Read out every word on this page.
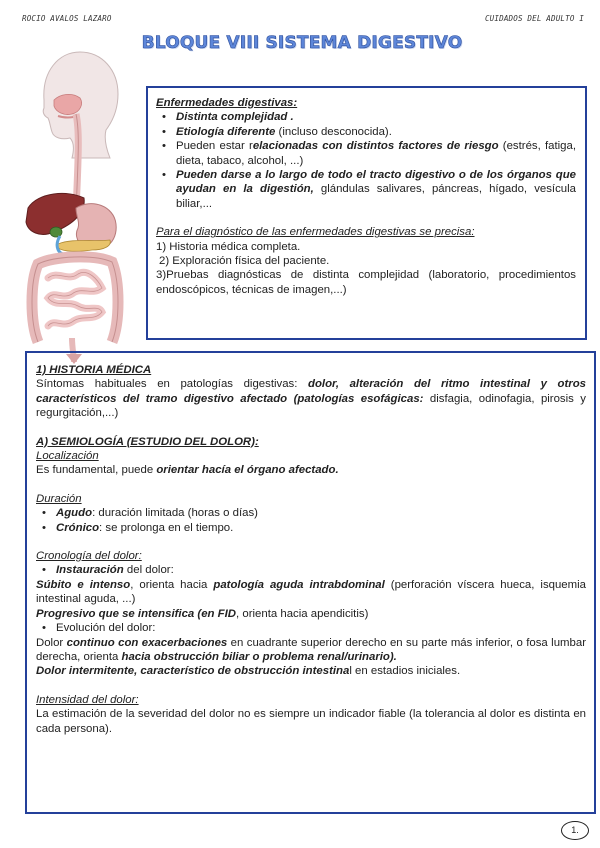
ROCIO AVALOS LAZARO	CUIDADOS DEL ADULTO I
BLOQUE VIII SISTEMA DIGESTIVO
Enfermedades digestivas:
• Distinta complejidad .
• Etiología diferente (incluso desconocida).
• Pueden estar relacionadas con distintos factores de riesgo (estrés, fatiga, dieta, tabaco, alcohol, ...)
• Pueden darse a lo largo de todo el tracto digestivo o de los órganos que ayudan en la digestión, glándulas salivares, páncreas, hígado, vesícula biliar,...
Para el diagnóstico de las enfermedades digestivas se precisa:
1) Historia médica completa.
2) Exploración física del paciente.
3)Pruebas diagnósticas de distinta complejidad (laboratorio, procedimientos endoscópicos, técnicas de imagen,...)
1) HISTORIA MÉDICA
Síntomas habituales en patologías digestivas: dolor, alteración del ritmo intestinal y otros característicos del tramo digestivo afectado (patologías esofágicas: disfagia, odinofagia, pirosis y regurgitación,...)
A) SEMIOLOGÍA (ESTUDIO DEL DOLOR):
Localización
Es fundamental, puede orientar hacía el órgano afectado.
Duración
• Agudo: duración limitada (horas o días)
• Crónico: se prolonga en el tiempo.
Cronología del dolor:
• Instauración del dolor:
Súbito e intenso, orienta hacia patología aguda intrabdominal (perforación víscera hueca, isquemia intestinal aguda, ...)
Progresivo que se intensifica (en FID, orienta hacia apendicitis)
• Evolución del dolor:
Dolor continuo con exacerbaciones en cuadrante superior derecho en su parte más inferior, o fosa lumbar derecha, orienta hacia obstrucción biliar o problema renal/urinario).
Dolor intermitente, característico de obstrucción intestinal en estadios iniciales.
Intensidad del dolor:
La estimación de la severidad del dolor no es siempre un indicador fiable (la tolerancia al dolor es distinta en cada persona).
1.
